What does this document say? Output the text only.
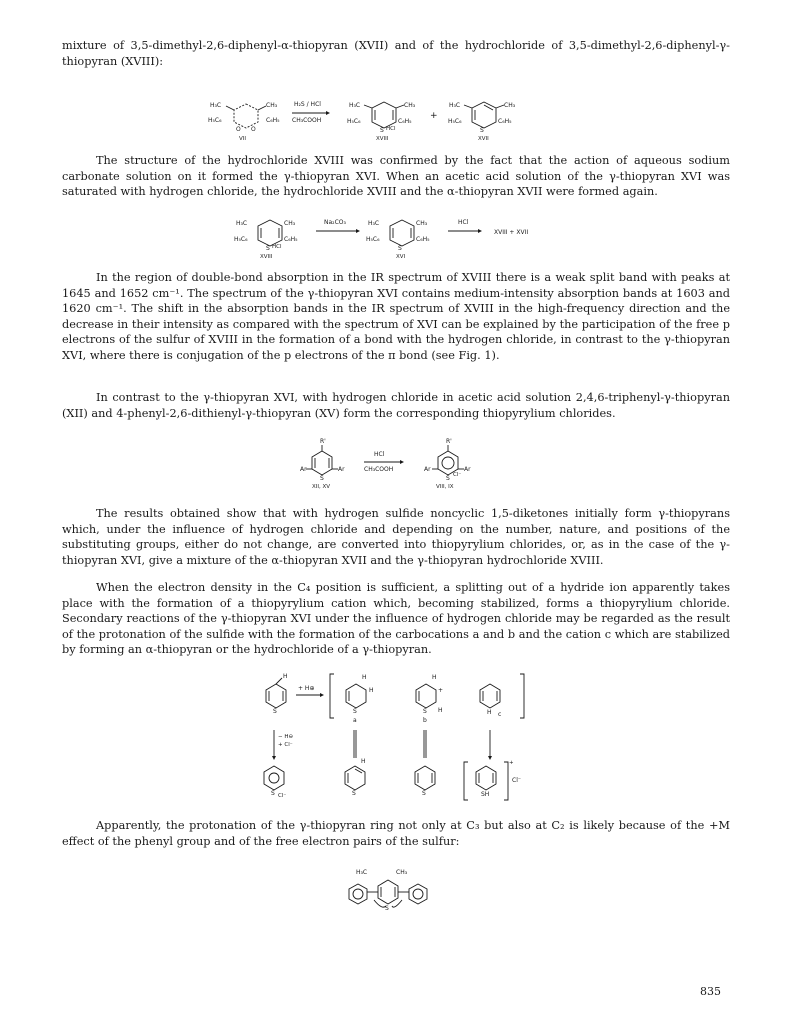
mixture of 3,5-dimethyl-2,6-diphenyl-α-thiopyran (XVII) and of the hydrochloride of 3,5-dimethyl-2,6-diphenyl-γ-thiopyran (XVIII):

H₃C	CH₃
H₅C₆	C₆H₅
O O
VII
H₂S / HCl
CH₃COOH
H₃C	CH₃
H₅C₆	C₆H₅
S HCl
XVIII
+
H₃C	CH₃
H₅C₆	C₆H₅
S
XVII

The structure of the hydrochloride XVIII was confirmed by the fact that the action of aqueous sodium carbonate solution on it formed the γ-thiopyran XVI. When an acetic acid solution of the γ-thiopyran XVI was saturated with hydrogen chloride, the hydrochloride XVIII and the α-thiopyran XVII were formed again.

H₃C	CH₃
H₅C₆	C₆H₅
S HCl
XVIII
Na₂CO₃	H₃C	CH₃
H₅C₆	C₆H₅
S
XVI
HCl
XVIII + XVII

In the region of double-bond absorption in the IR spectrum of XVIII there is a weak split band with peaks at 1645 and 1652 cm⁻¹. The spectrum of the γ-thiopyran XVI contains medium-intensity absorption bands at 1603 and 1620 cm⁻¹. The shift in the absorption bands in the IR spectrum of XVIII in the high-frequency direction and the decrease in their intensity as compared with the spectrum of XVI can be explained by the participation of the free p electrons of the sulfur of XVIII in the formation of a bond with the hydrogen chloride, in contrast to the γ-thiopyran XVI, where there is conjugation of the p electrons of the π bond (see Fig. 1).

In contrast to the γ-thiopyran XVI, with hydrogen chloride in acetic acid solution 2,4,6-triphenyl-γ-thiopyran (XII) and 4-phenyl-2,6-dithienyl-γ-thiopyran (XV) form the corresponding thiopyrylium chlorides.

R'
Ar	Ar
S
XII, XV
HCl
CH₃COOH
R'
Ar	Ar
S Cl⁻
VIII, IX

The results obtained show that with hydrogen sulfide noncyclic 1,5-diketones initially form γ-thiopyrans which, under the influence of hydrogen chloride and depending on the number, nature, and positions of the substituting groups, either do not change, are converted into thiopyrylium chlorides, or, as in the case of the γ-thiopyran XVI, give a mixture of the α-thiopyran XVII and the γ-thiopyran hydrochloride XVIII.

When the electron density in the C₄ position is sufficient, a splitting out of a hydride ion apparently takes place with the formation of a thiopyrylium cation which, becoming stabilized, forms a thiopyrylium chloride. Secondary reactions of the γ-thiopyran XVI under the influence of hydrogen chloride may be regarded as the result of the protonation of the sulfide with the formation of the carbocations a and b and the cation c which are stabilized by forming an α-thiopyran or the hydrochloride of a γ-thiopyran.

H
S
+ H⊕
H
H
S
a
H
+
H
S
b
H c
− H⊖
+ Cl⁻
S Cl⁻
H
S	S	SH
+
Cl⁻

Apparently, the protonation of the γ-thiopyran ring not only at C₃ but also at C₂ is likely because of the +M effect of the phenyl group and of the free electron pairs of the sulfur:

H₃C	CH₃
S
835
